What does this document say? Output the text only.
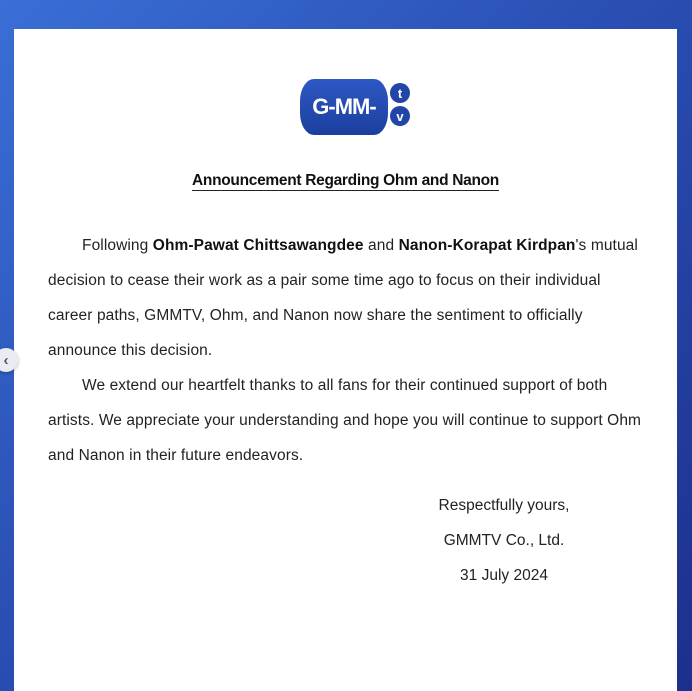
G-MM-
t
v
Announcement Regarding Ohm and Nanon

Following Ohm-Pawat Chittsawangdee and Nanon-Korapat Kirdpan's mutual decision to cease their work as a pair some time ago to focus on their individual career paths, GMMTV, Ohm, and Nanon now share the sentiment to officially announce this decision.

We extend our heartfelt thanks to all fans for their continued support of both artists. We appreciate your understanding and hope you will continue to support Ohm and Nanon in their future endeavors.

Respectfully yours,
GMMTV Co., Ltd.
31 July 2024
‹
